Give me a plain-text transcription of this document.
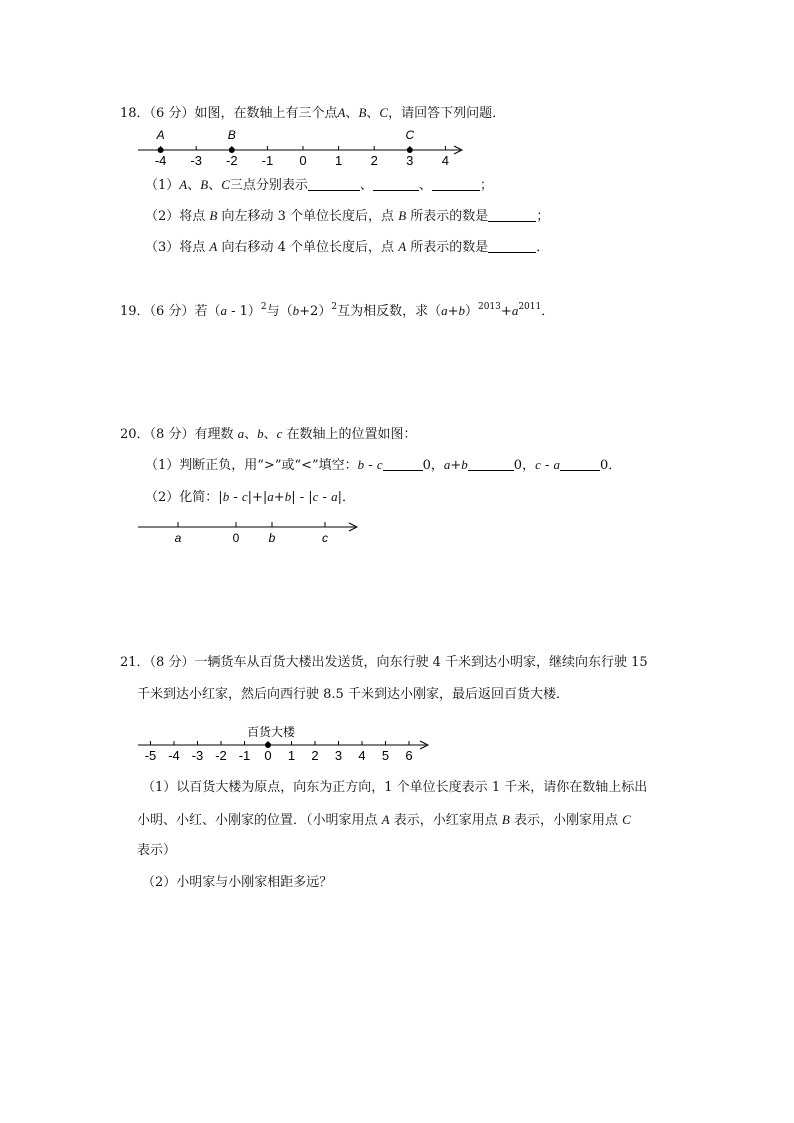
18．（6 分）如图，在数轴上有三个点A、B、C，请回答下列问题．
-4 -3 -2 -1 0 1 2 3 4
A	B	C
（1）A、B、C三点分别表示	、	、	；
（2）将点 B 向左移动 3 个单位长度后，点 B 所表示的数是	；
（3）将点 A 向右移动 4 个单位长度后，点 A 所表示的数是	．
19．（6 分）若（a - 1）$^2$与$(b+2)^2$互为相反数，求$(a+b)^{2013}+a^{2011}$．
20．（8 分）有理数 a、b、c 在数轴上的位置如图：
（1）判断正负，用“>”或“<”填空：b - c	0，a+b	0，c - a	0．
（2）化简：|b - c|+|a+b| - |c - a|．
21．（8 分）一辆货车从百货大楼出发送货，向东行驶 4 千米到达小明家，继续向东行驶 15
千米到达小红家，然后向西行驶 8.5 千米到达小刚家，最后返回百货大楼．
（1）以百货大楼为原点，向东为正方向，1 个单位长度表示 1 千米，请你在数轴上标出
小明、小红、小刚家的位置．（小明家用点 A 表示，小红家用点 B 表示，小刚家用点 C
表示）
（2）小明家与小刚家相距多远？
a	0 b	c
-5 -4 -3 -2 -1 0 1 2 3 4 5 6
百货大楼
